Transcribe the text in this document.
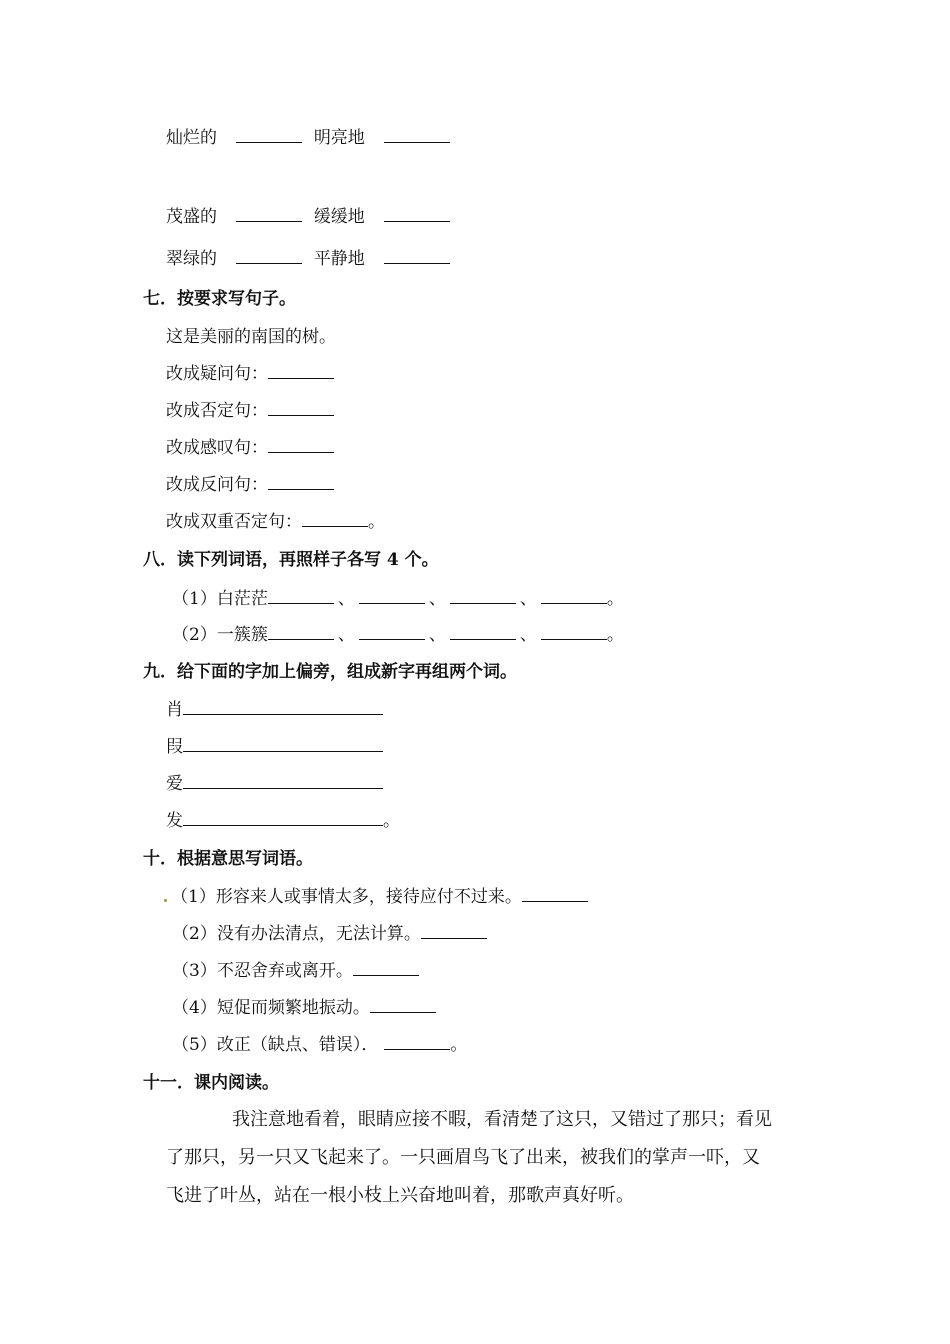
灿烂的	明亮地
茂盛的	缓缓地
翠绿的	平静地
七．按要求写句子。
这是美丽的南国的树。
改成疑问句：
改成否定句：
改成感叹句：
改成反问句：
改成双重否定句：	。
八．读下列词语，再照样子各写 4 个。
（1）白茫茫	、	、	、	。
（2）一簇簇	、	、	、	。
九．给下面的字加上偏旁，组成新字再组两个词。
肖
叚
爱
发	。
十．根据意思写词语。
（1）形容来人或事情太多，接待应付不过来。
（2）没有办法清点，无法计算。
（3）不忍舍弃或离开。
（4）短促而频繁地振动。
（5）改正（缺点、错误）．	。
十一．课内阅读。
我注意地看着，眼睛应接不暇，看清楚了这只，又错过了那只；看见
了那只，另一只又飞起来了。一只画眉鸟飞了出来，被我们的掌声一吓，又
飞进了叶丛，站在一根小枝上兴奋地叫着，那歌声真好听。
